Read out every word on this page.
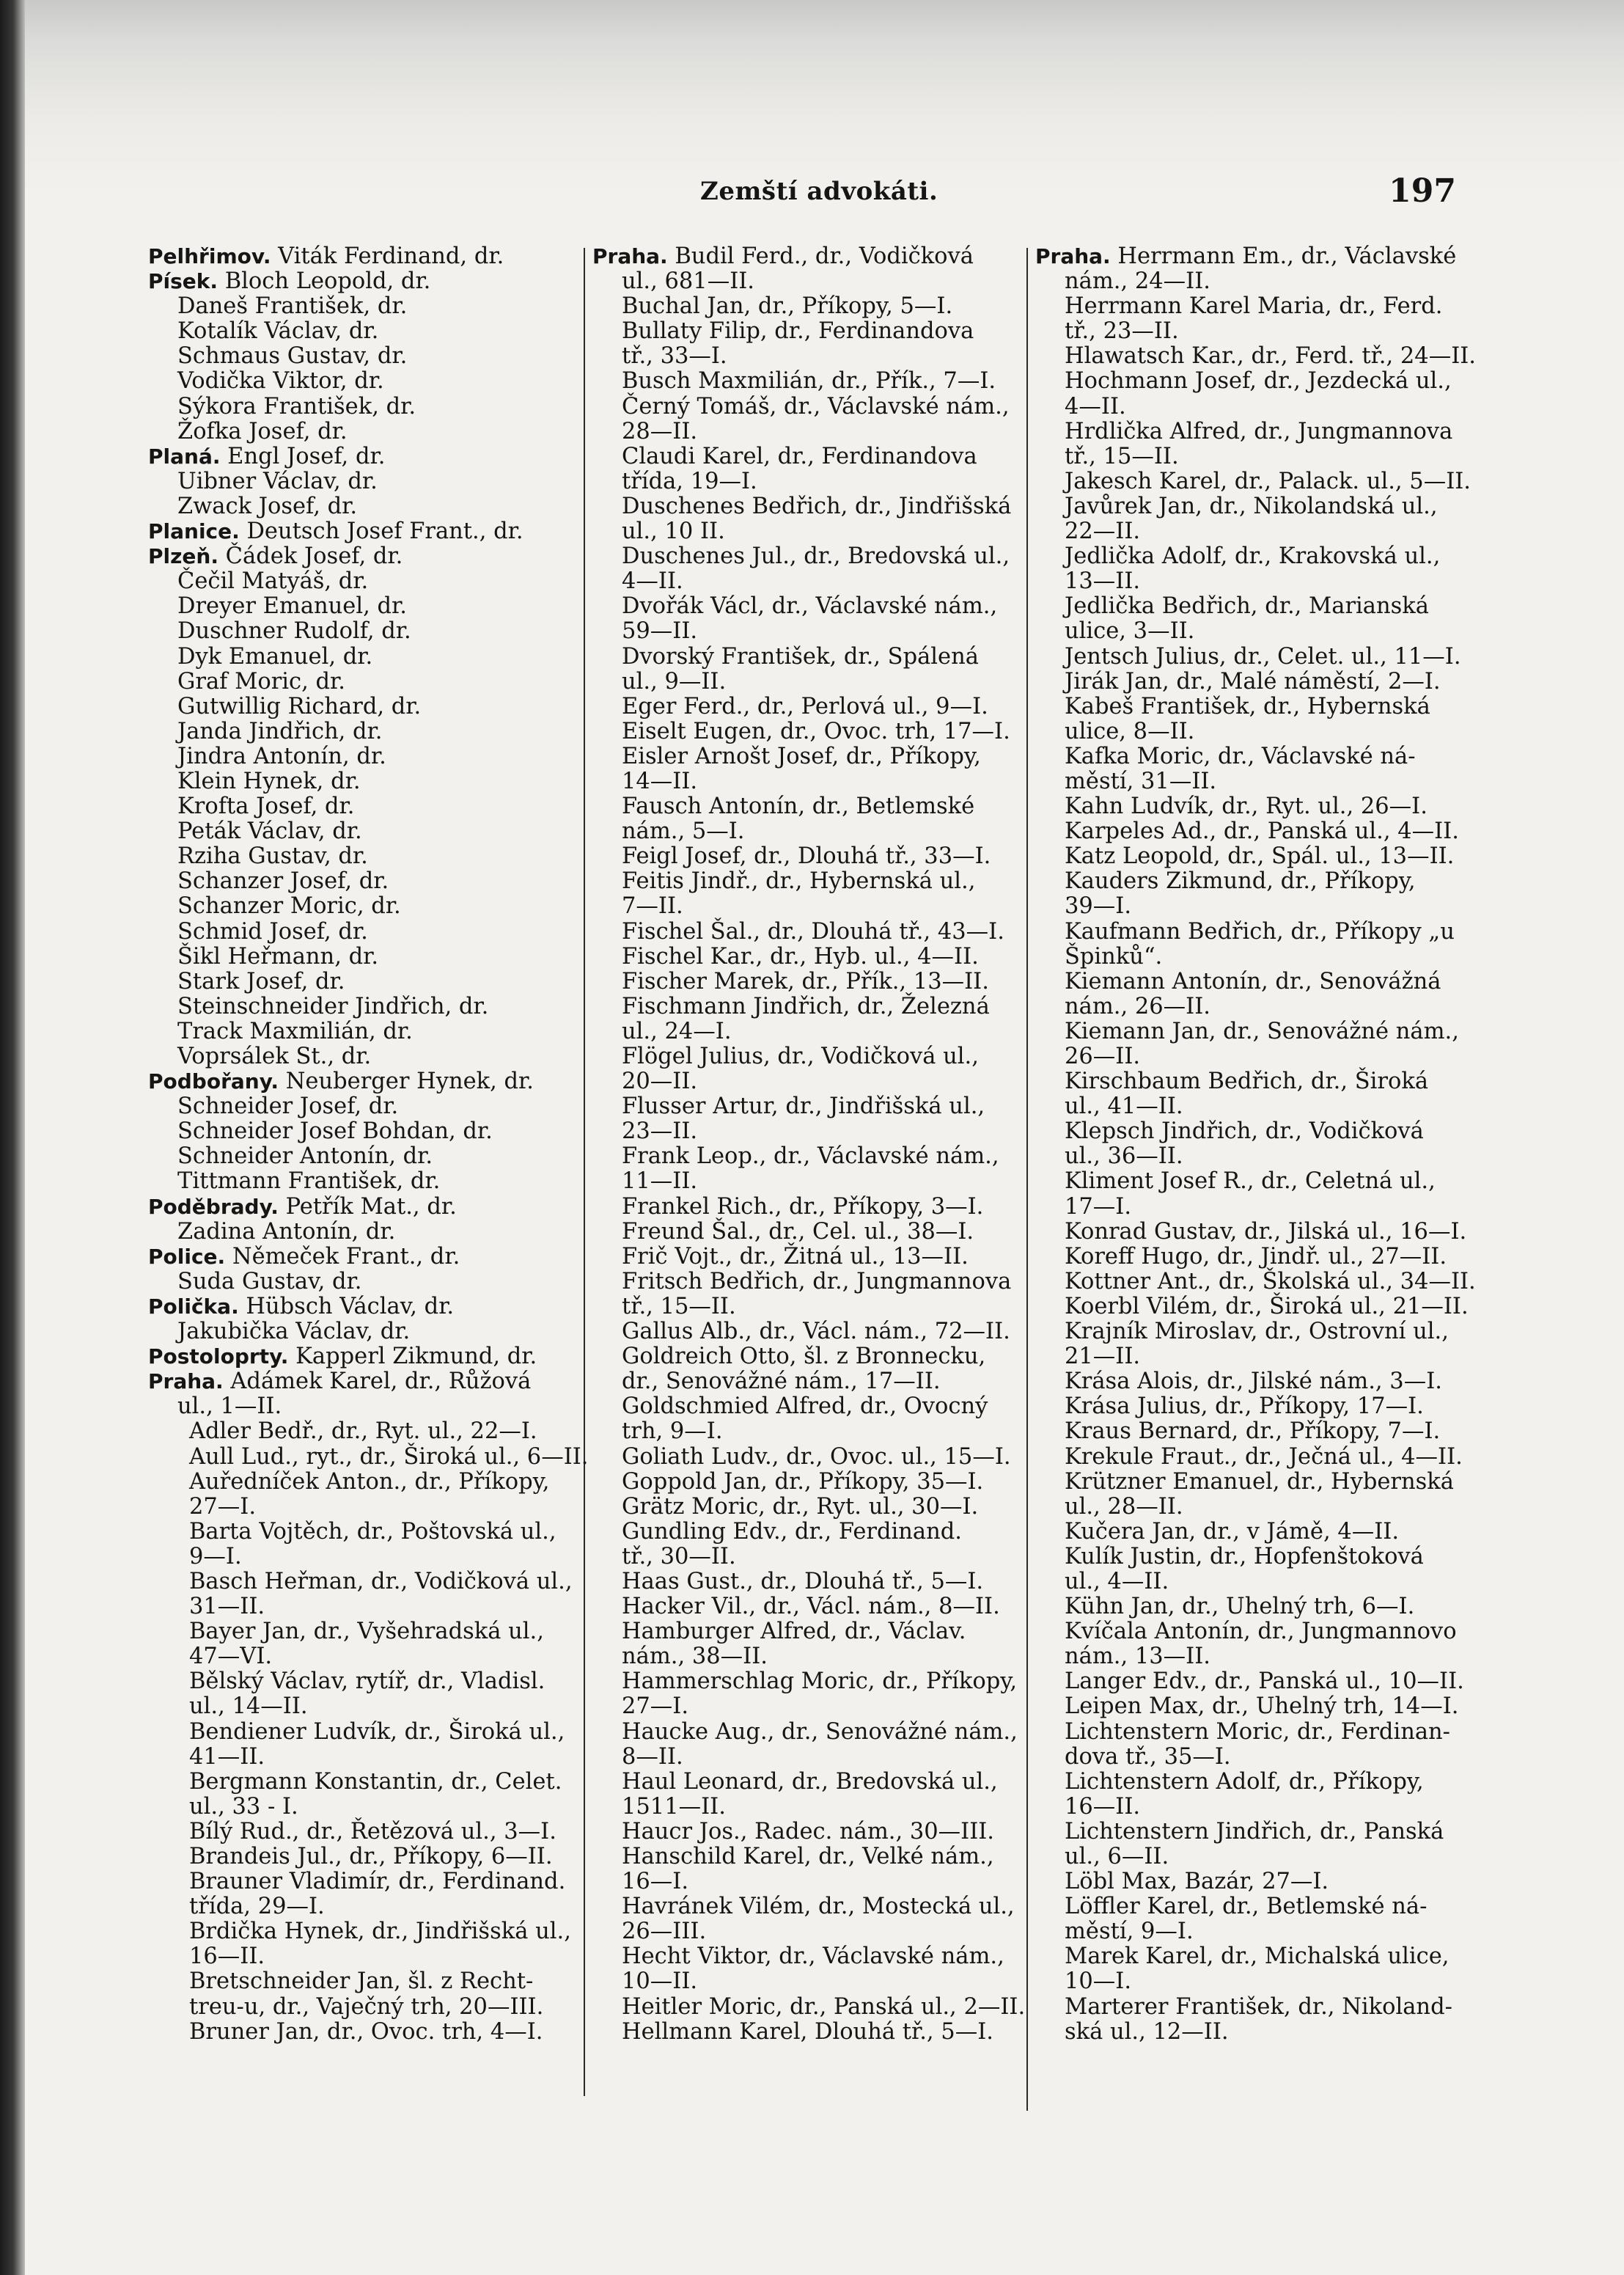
Zemští advokáti.	197
Pelhřimov. Viták Ferdinand, dr.
Písek. Bloch Leopold, dr.
Daneš František, dr.
Kotalík Václav, dr.
Schmaus Gustav, dr.
Vodička Viktor, dr.
Sýkora František, dr.
Žofka Josef, dr.
Planá. Engl Josef, dr.
Uibner Václav, dr.
Zwack Josef, dr.
Planice. Deutsch Josef Frant., dr.
Plzeň. Čádek Josef, dr.
Čečil Matyáš, dr.
Dreyer Emanuel, dr.
Duschner Rudolf, dr.
Dyk Emanuel, dr.
Graf Moric, dr.
Gutwillig Richard, dr.
Janda Jindřich, dr.
Jindra Antonín, dr.
Klein Hynek, dr.
Krofta Josef, dr.
Peták Václav, dr.
Rziha Gustav, dr.
Schanzer Josef, dr.
Schanzer Moric, dr.
Schmid Josef, dr.
Šikl Heřmann, dr.
Stark Josef, dr.
Steinschneider Jindřich, dr.
Track Maxmilián, dr.
Voprsálek St., dr.
Podbořany. Neuberger Hynek, dr.
Schneider Josef, dr.
Schneider Josef Bohdan, dr.
Schneider Antonín, dr.
Tittmann František, dr.
Poděbrady. Petřík Mat., dr.
Zadina Antonín, dr.
Police. Němeček Frant., dr.
Suda Gustav, dr.
Polička. Hübsch Václav, dr.
Jakubička Václav, dr.
Postoloprty. Kapperl Zikmund, dr.
Praha. Adámek Karel, dr., Růžová
ul., 1—II.
Adler Bedř., dr., Ryt. ul., 22—I.
Aull Lud., ryt., dr., Široká ul., 6—II.
Auředníček Anton., dr., Příkopy,
27—I.
Barta Vojtěch, dr., Poštovská ul.,
9—I.
Basch Heřman, dr., Vodičková ul.,
31—II.
Bayer Jan, dr., Vyšehradská ul.,
47—VI.
Bělský Václav, rytíř, dr., Vladisl.
ul., 14—II.
Bendiener Ludvík, dr., Široká ul.,
41—II.
Bergmann Konstantin, dr., Celet.
ul., 33 - I.
Bílý Rud., dr., Řetězová ul., 3—I.
Brandeis Jul., dr., Příkopy, 6—II.
Brauner Vladimír, dr., Ferdinand.
třída, 29—I.
Brdička Hynek, dr., Jindřišská ul.,
16—II.
Bretschneider Jan, šl. z Recht-
treu-u, dr., Vaječný trh, 20—III.
Bruner Jan, dr., Ovoc. trh, 4—I.
Praha. Budil Ferd., dr., Vodičková
ul., 681—II.
Buchal Jan, dr., Příkopy, 5—I.
Bullaty Filip, dr., Ferdinandova
tř., 33—I.
Busch Maxmilián, dr., Přík., 7—I.
Černý Tomáš, dr., Václavské nám.,
28—II.
Claudi Karel, dr., Ferdinandova
třída, 19—I.
Duschenes Bedřich, dr., Jindřišská
ul., 10 II.
Duschenes Jul., dr., Bredovská ul.,
4—II.
Dvořák Václ, dr., Václavské nám.,
59—II.
Dvorský František, dr., Spálená
ul., 9—II.
Eger Ferd., dr., Perlová ul., 9—I.
Eiselt Eugen, dr., Ovoc. trh, 17—I.
Eisler Arnošt Josef, dr., Příkopy,
14—II.
Fausch Antonín, dr., Betlemské
nám., 5—I.
Feigl Josef, dr., Dlouhá tř., 33—I.
Feitis Jindř., dr., Hybernská ul.,
7—II.
Fischel Šal., dr., Dlouhá tř., 43—I.
Fischel Kar., dr., Hyb. ul., 4—II.
Fischer Marek, dr., Přík., 13—II.
Fischmann Jindřich, dr., Železná
ul., 24—I.
Flögel Julius, dr., Vodičková ul.,
20—II.
Flusser Artur, dr., Jindřišská ul.,
23—II.
Frank Leop., dr., Václavské nám.,
11—II.
Frankel Rich., dr., Příkopy, 3—I.
Freund Šal., dr., Cel. ul., 38—I.
Frič Vojt., dr., Žitná ul., 13—II.
Fritsch Bedřich, dr., Jungmannova
tř., 15—II.
Gallus Alb., dr., Václ. nám., 72—II.
Goldreich Otto, šl. z Bronnecku,
dr., Senovážné nám., 17—II.
Goldschmied Alfred, dr., Ovocný
trh, 9—I.
Goliath Ludv., dr., Ovoc. ul., 15—I.
Goppold Jan, dr., Příkopy, 35—I.
Grätz Moric, dr., Ryt. ul., 30—I.
Gundling Edv., dr., Ferdinand.
tř., 30—II.
Haas Gust., dr., Dlouhá tř., 5—I.
Hacker Vil., dr., Václ. nám., 8—II.
Hamburger Alfred, dr., Václav.
nám., 38—II.
Hammerschlag Moric, dr., Příkopy,
27—I.
Haucke Aug., dr., Senovážné nám.,
8—II.
Haul Leonard, dr., Bredovská ul.,
1511—II.
Haucr Jos., Radec. nám., 30—III.
Hanschild Karel, dr., Velké nám.,
16—I.
Havránek Vilém, dr., Mostecká ul.,
26—III.
Hecht Viktor, dr., Václavské nám.,
10—II.
Heitler Moric, dr., Panská ul., 2—II.
Hellmann Karel, Dlouhá tř., 5—I.
Praha. Herrmann Em., dr., Václavské
nám., 24—II.
Herrmann Karel Maria, dr., Ferd.
tř., 23—II.
Hlawatsch Kar., dr., Ferd. tř., 24—II.
Hochmann Josef, dr., Jezdecká ul.,
4—II.
Hrdlička Alfred, dr., Jungmannova
tř., 15—II.
Jakesch Karel, dr., Palack. ul., 5—II.
Javůrek Jan, dr., Nikolandská ul.,
22—II.
Jedlička Adolf, dr., Krakovská ul.,
13—II.
Jedlička Bedřich, dr., Marianská
ulice, 3—II.
Jentsch Julius, dr., Celet. ul., 11—I.
Jirák Jan, dr., Malé náměstí, 2—I.
Kabeš František, dr., Hybernská
ulice, 8—II.
Kafka Moric, dr., Václavské ná-
městí, 31—II.
Kahn Ludvík, dr., Ryt. ul., 26—I.
Karpeles Ad., dr., Panská ul., 4—II.
Katz Leopold, dr., Spál. ul., 13—II.
Kauders Zikmund, dr., Příkopy,
39—I.
Kaufmann Bedřich, dr., Příkopy „u
Špinků“.
Kiemann Antonín, dr., Senovážná
nám., 26—II.
Kiemann Jan, dr., Senovážné nám.,
26—II.
Kirschbaum Bedřich, dr., Široká
ul., 41—II.
Klepsch Jindřich, dr., Vodičková
ul., 36—II.
Kliment Josef R., dr., Celetná ul.,
17—I.
Konrad Gustav, dr., Jilská ul., 16—I.
Koreff Hugo, dr., Jindř. ul., 27—II.
Kottner Ant., dr., Školská ul., 34—II.
Koerbl Vilém, dr., Široká ul., 21—II.
Krajník Miroslav, dr., Ostrovní ul.,
21—II.
Krása Alois, dr., Jilské nám., 3—I.
Krása Julius, dr., Příkopy, 17—I.
Kraus Bernard, dr., Příkopy, 7—I.
Krekule Fraut., dr., Ječná ul., 4—II.
Krützner Emanuel, dr., Hybernská
ul., 28—II.
Kučera Jan, dr., v Jámě, 4—II.
Kulík Justin, dr., Hopfenštoková
ul., 4—II.
Kühn Jan, dr., Uhelný trh, 6—I.
Kvíčala Antonín, dr., Jungmannovo
nám., 13—II.
Langer Edv., dr., Panská ul., 10—II.
Leipen Max, dr., Uhelný trh, 14—I.
Lichtenstern Moric, dr., Ferdinan-
dova tř., 35—I.
Lichtenstern Adolf, dr., Příkopy,
16—II.
Lichtenstern Jindřich, dr., Panská
ul., 6—II.
Löbl Max, Bazár, 27—I.
Löffler Karel, dr., Betlemské ná-
městí, 9—I.
Marek Karel, dr., Michalská ulice,
10—I.
Marterer František, dr., Nikoland-
ská ul., 12—II.
